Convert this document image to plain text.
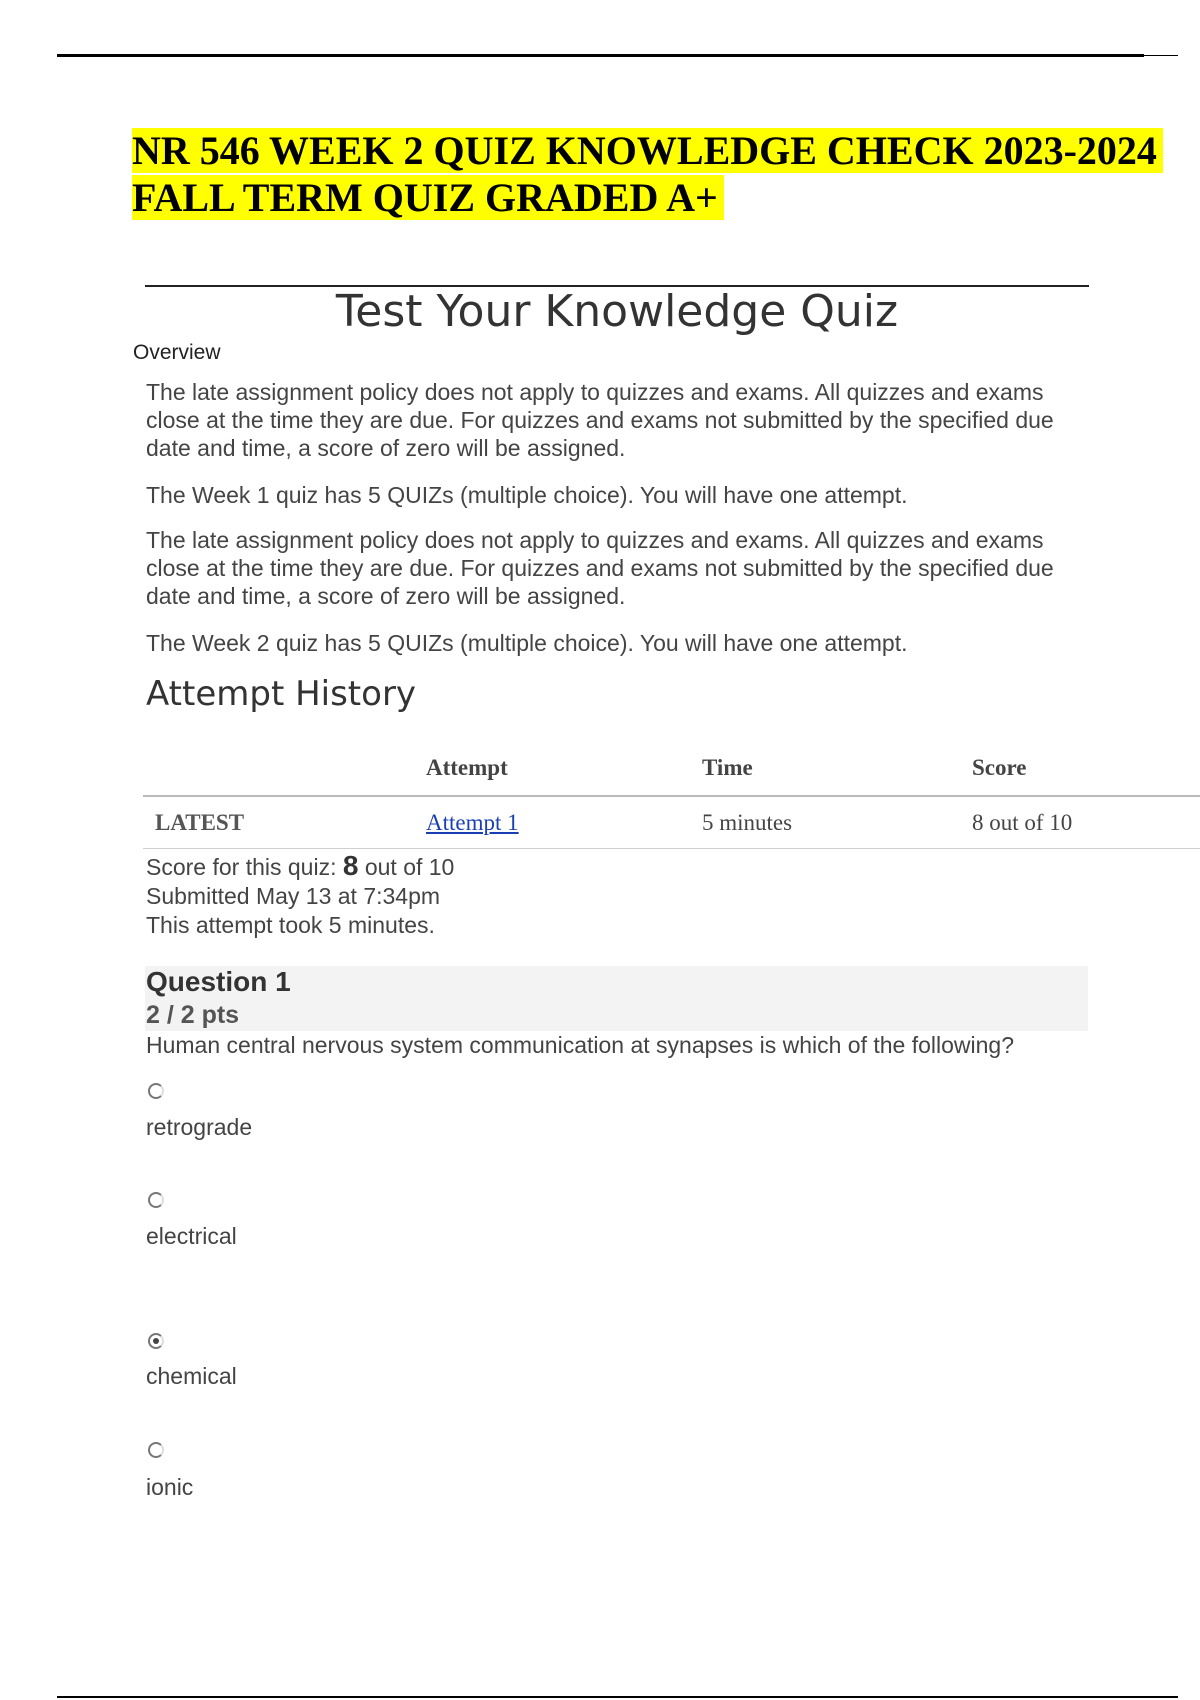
NR 546 WEEK 2 QUIZ KNOWLEDGE CHECK 2023-2024
FALL TERM QUIZ GRADED A+
Test Your Knowledge Quiz
Overview

The late assignment policy does not apply to quizzes and exams. All quizzes and exams close at the time they are due. For quizzes and exams not submitted by the specified due date and time, a score of zero will be assigned.

The Week 1 quiz has 5 QUIZs (multiple choice). You will have one attempt.

The late assignment policy does not apply to quizzes and exams. All quizzes and exams close at the time they are due. For quizzes and exams not submitted by the specified due date and time, a score of zero will be assigned.

The Week 2 quiz has 5 QUIZs (multiple choice). You will have one attempt.

Attempt History
	Attempt	Time	Score
LATEST	Attempt 1	5 minutes	8 out of 10
Score for this quiz: 8 out of 10
Submitted May 13 at 7:34pm
This attempt took 5 minutes.
Question 1
2 / 2 pts
Human central nervous system communication at synapses is which of the following?
retrograde
electrical
chemical
ionic
